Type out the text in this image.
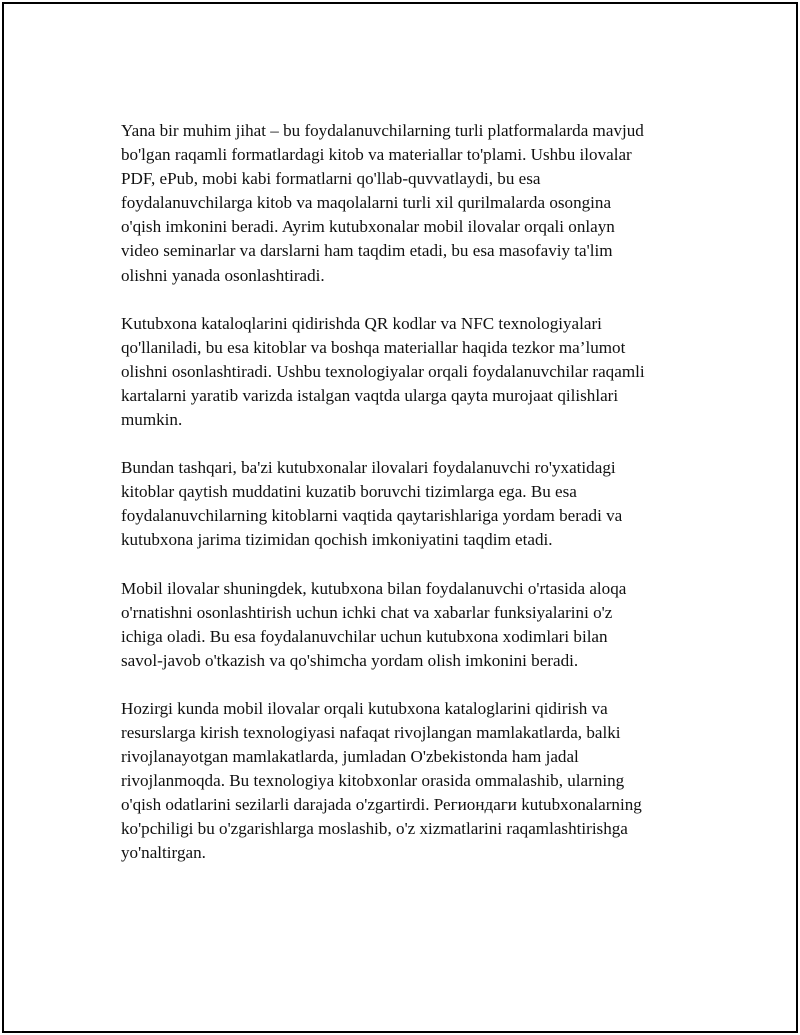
Yana bir muhim jihat – bu foydalanuvchilarning turli platformalarda mavjud
bo'lgan raqamli formatlardagi kitob va materiallar to'plami. Ushbu ilovalar
PDF, ePub, mobi kabi formatlarni qo'llab-quvvatlaydi, bu esa
foydalanuvchilarga kitob va maqolalarni turli xil qurilmalarda osongina
o'qish imkonini beradi. Ayrim kutubxonalar mobil ilovalar orqali onlayn
video seminarlar va darslarni ham taqdim etadi, bu esa masofaviy ta'lim
olishni yanada osonlashtiradi.

Kutubxona kataloqlarini qidirishda QR kodlar va NFC texnologiyalari
qo'llaniladi, bu esa kitoblar va boshqa materiallar haqida tezkor ma’lumot
olishni osonlashtiradi. Ushbu texnologiyalar orqali foydalanuvchilar raqamli
kartalarni yaratib varizda istalgan vaqtda ularga qayta murojaat qilishlari
mumkin.

Bundan tashqari, ba'zi kutubxonalar ilovalari foydalanuvchi ro'yxatidagi
kitoblar qaytish muddatini kuzatib boruvchi tizimlarga ega. Bu esa
foydalanuvchilarning kitoblarni vaqtida qaytarishlariga yordam beradi va
kutubxona jarima tizimidan qochish imkoniyatini taqdim etadi.

Mobil ilovalar shuningdek, kutubxona bilan foydalanuvchi o'rtasida aloqa
o'rnatishni osonlashtirish uchun ichki chat va xabarlar funksiyalarini o'z
ichiga oladi. Bu esa foydalanuvchilar uchun kutubxona xodimlari bilan
savol-javob o'tkazish va qo'shimcha yordam olish imkonini beradi.

Hozirgi kunda mobil ilovalar orqali kutubxona kataloglarini qidirish va
resurslarga kirish texnologiyasi nafaqat rivojlangan mamlakatlarda, balki
rivojlanayotgan mamlakatlarda, jumladan O'zbekistonda ham jadal
rivojlanmoqda. Bu texnologiya kitobxonlar orasida ommalashib, ularning
o'qish odatlarini sezilarli darajada o'zgartirdi. Региондаги kutubxonalarning
ko'pchiligi bu o'zgarishlarga moslashib, o'z xizmatlarini raqamlashtirishga
yo'naltirgan.
